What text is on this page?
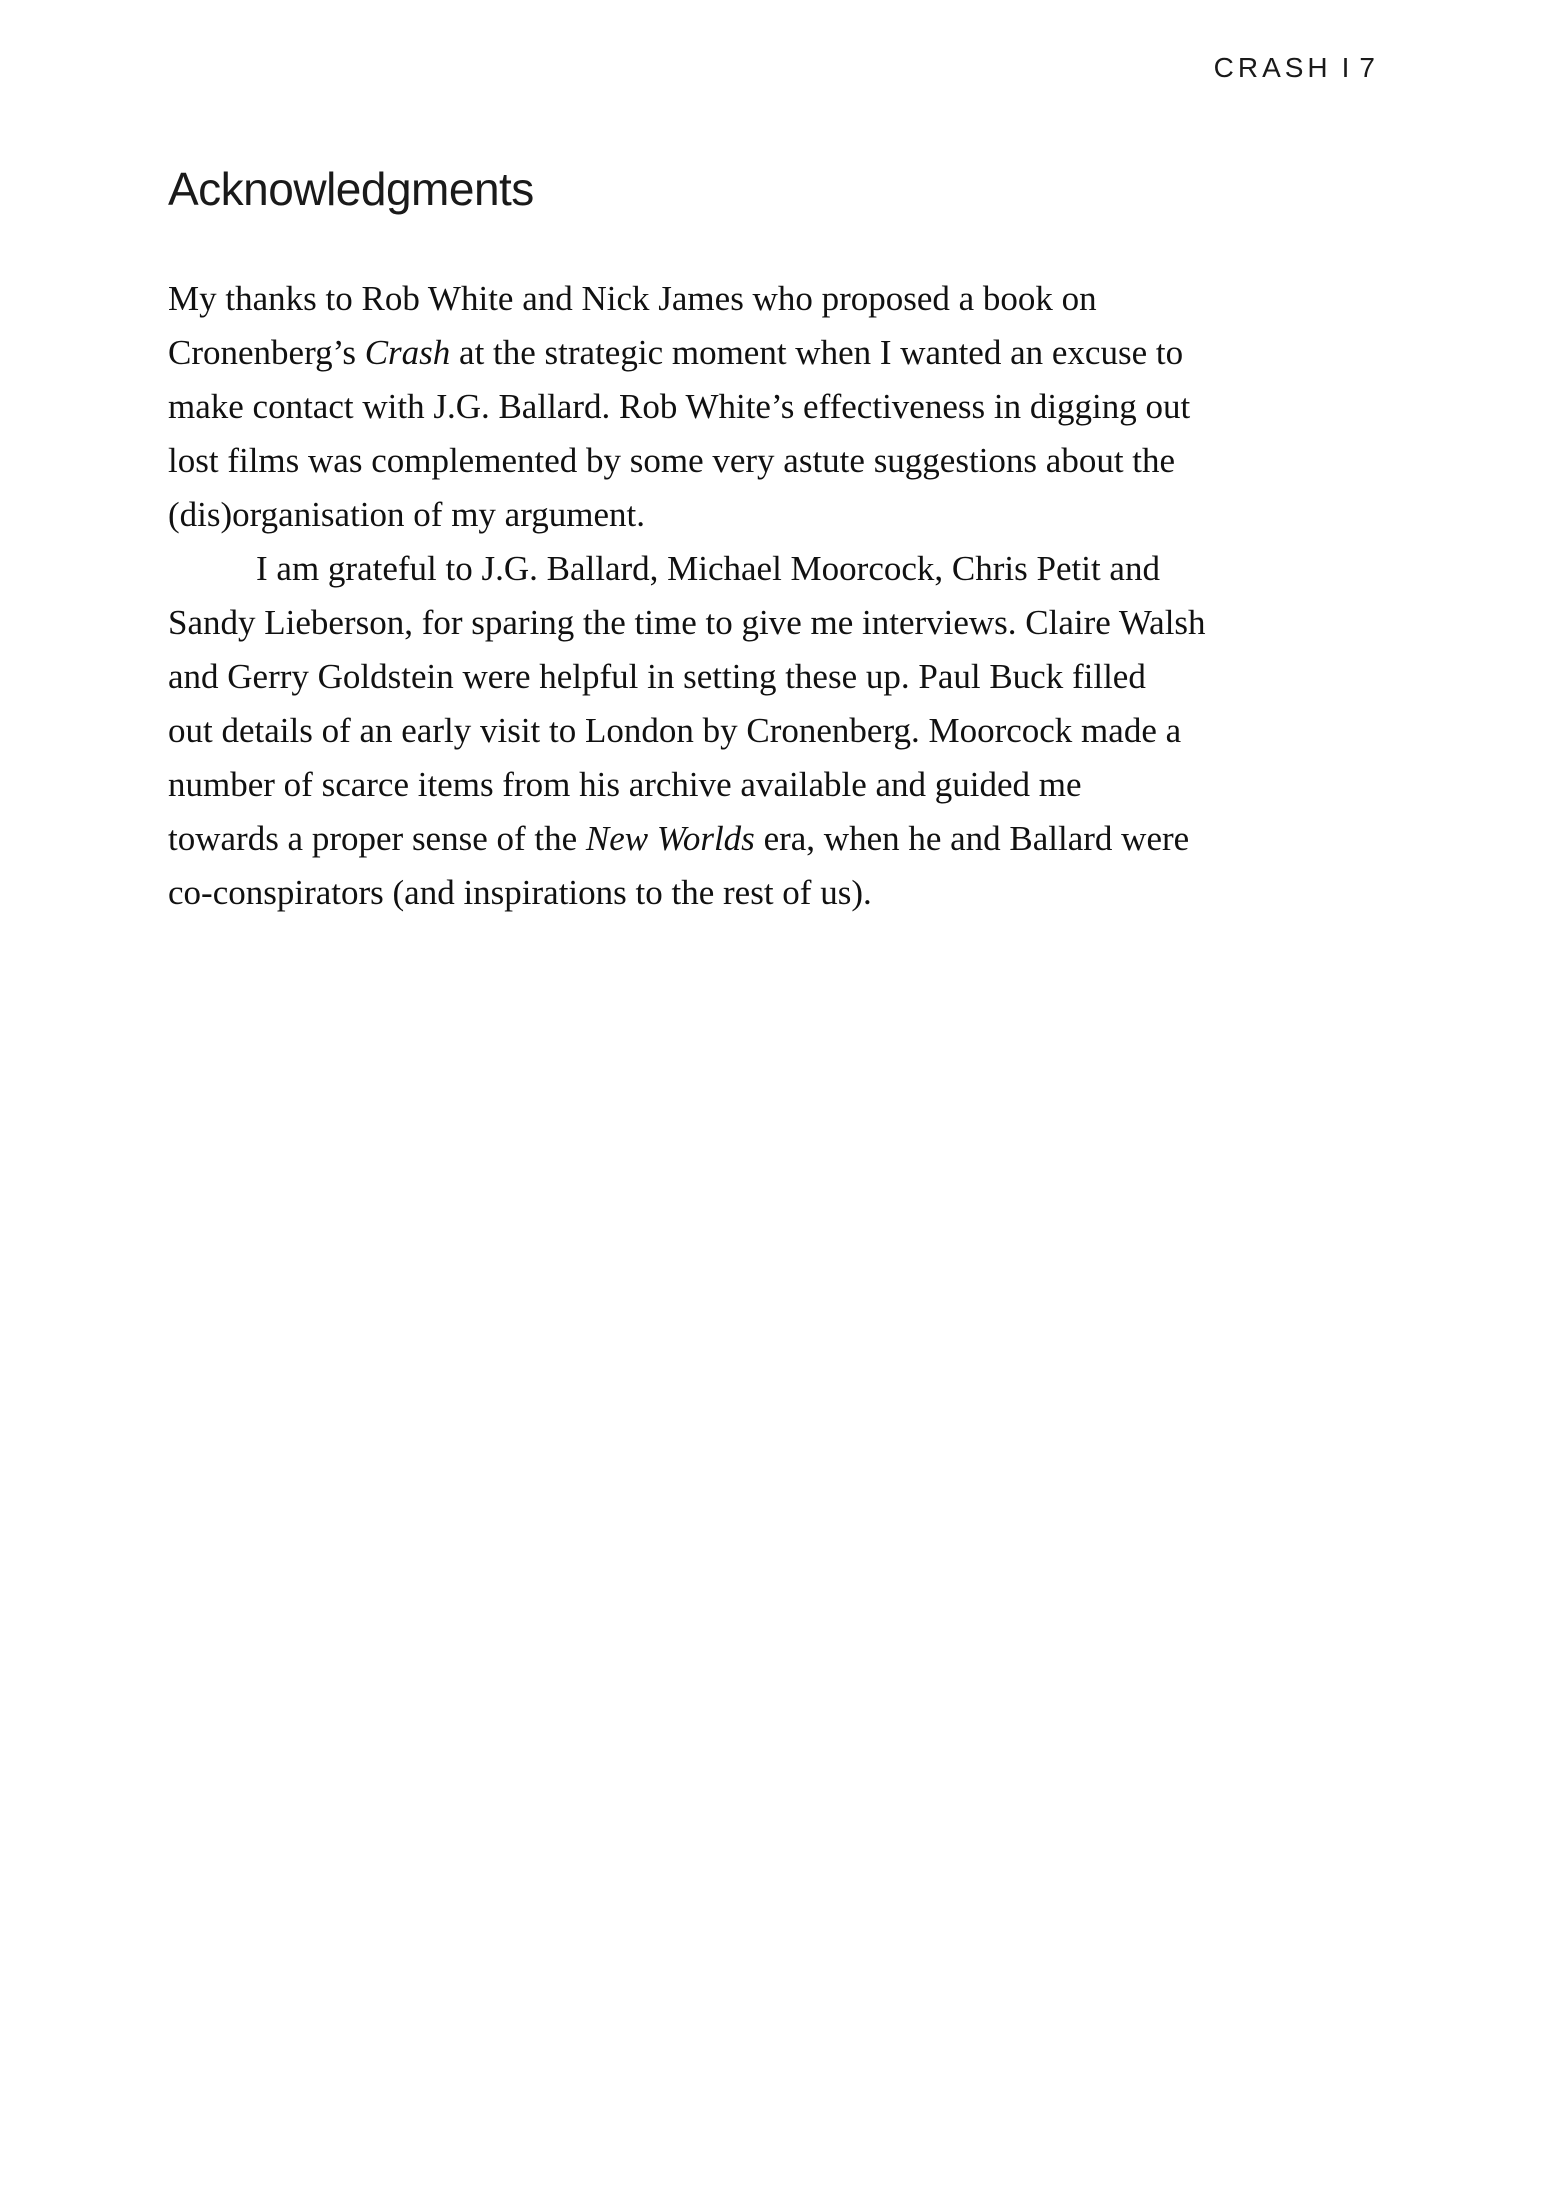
CRASH I 7
Acknowledgments
My thanks to Rob White and Nick James who proposed a book on
Cronenberg’s Crash at the strategic moment when I wanted an excuse to
make contact with J.G. Ballard. Rob White’s effectiveness in digging out
lost films was complemented by some very astute suggestions about the
(dis)organisation of my argument.
I am grateful to J.G. Ballard, Michael Moorcock, Chris Petit and
Sandy Lieberson, for sparing the time to give me interviews. Claire Walsh
and Gerry Goldstein were helpful in setting these up. Paul Buck filled
out details of an early visit to London by Cronenberg. Moorcock made a
number of scarce items from his archive available and guided me
towards a proper sense of the New Worlds era, when he and Ballard were
co-conspirators (and inspirations to the rest of us).
